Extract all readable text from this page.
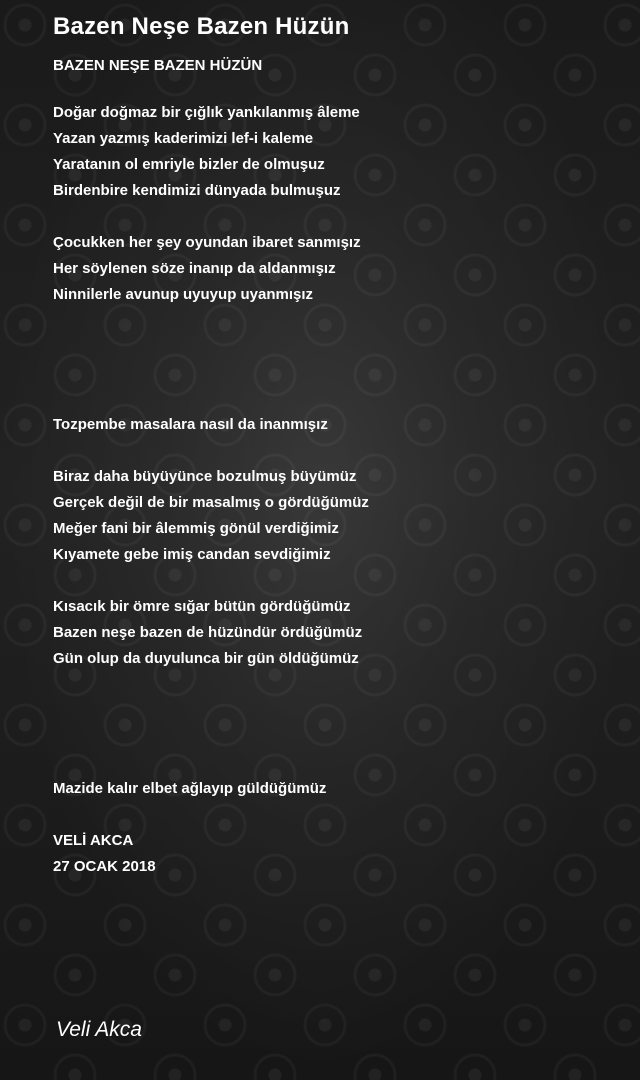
Bazen Neşe Bazen Hüzün
BAZEN NEŞE BAZEN HÜZÜN
Doğar doğmaz bir çığlık yankılanmış âleme
Yazan yazmış kaderimizi lef-i kaleme
Yaratanın ol emriyle bizler de olmuşuz
Birdenbire kendimizi dünyada bulmuşuz
Çocukken her şey oyundan ibaret sanmışız
Her söylenen söze inanıp da aldanmışız
Ninnilerle avunup uyuyup uyanmışız
Tozpembe masalara nasıl da inanmışız
Biraz daha büyüyünce bozulmuş büyümüz
Gerçek değil de bir masalmış o gördüğümüz
Meğer fani bir âlemmiş gönül verdiğimiz
Kıyamete gebe imiş candan sevdiğimiz
Kısacık bir ömre sığar bütün gördüğümüz
Bazen neşe bazen de hüzündür ördüğümüz
Gün olup da duyulunca bir gün öldüğümüz
Mazide kalır elbet ağlayıp güldüğümüz
VELİ AKCA
27 OCAK 2018
Veli Akca
